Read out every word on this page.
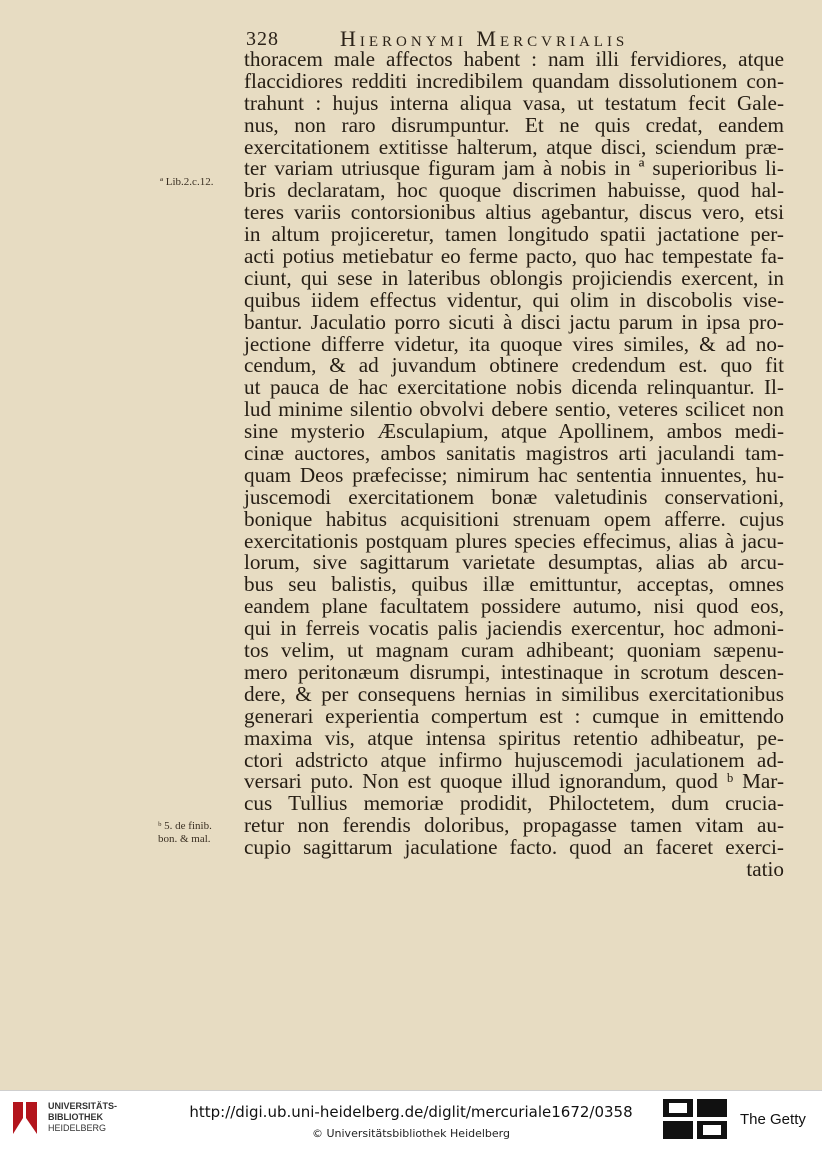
328	Hieronymi Mercvrialis
ª Lib.2.c.12.
ᵇ 5. de finib.
bon. & mal.
thoracem male affectos habent : nam illi fervidiores, atque
flaccidiores redditi incredibilem quandam dissolutionem con-
trahunt : hujus interna aliqua vasa, ut testatum fecit Gale-
nus, non raro disrumpuntur. Et ne quis credat, eandem
exercitationem extitisse halterum, atque disci, sciendum præ-
ter variam utriusque figuram jam à nobis in ª superioribus li-
bris declaratam, hoc quoque discrimen habuisse, quod hal-
teres variis contorsionibus altius agebantur, discus vero, etsi
in altum projiceretur, tamen longitudo spatii jactatione per-
acti potius metiebatur eo ferme pacto, quo hac tempestate fa-
ciunt, qui sese in lateribus oblongis projiciendis exercent, in
quibus iidem effectus videntur, qui olim in discobolis vise-
bantur. Jaculatio porro sicuti à disci jactu parum in ipsa pro-
jectione differre videtur, ita quoque vires similes, & ad no-
cendum, & ad juvandum obtinere credendum est. quo fit
ut pauca de hac exercitatione nobis dicenda relinquantur. Il-
lud minime silentio obvolvi debere sentio, veteres scilicet non
sine mysterio Æsculapium, atque Apollinem, ambos medi-
cinæ auctores, ambos sanitatis magistros arti jaculandi tam-
quam Deos præfecisse; nimirum hac sententia innuentes, hu-
juscemodi exercitationem bonæ valetudinis conservationi,
bonique habitus acquisitioni strenuam opem afferre. cujus
exercitationis postquam plures species effecimus, alias à jacu-
lorum, sive sagittarum varietate desumptas, alias ab arcu-
bus seu balistis, quibus illæ emittuntur, acceptas, omnes
eandem plane facultatem possidere autumo, nisi quod eos,
qui in ferreis vocatis palis jaciendis exercentur, hoc admoni-
tos velim, ut magnam curam adhibeant; quoniam sæpenu-
mero peritonæum disrumpi, intestinaque in scrotum descen-
dere, & per consequens hernias in similibus exercitationibus
generari experientia compertum est : cumque in emittendo
maxima vis, atque intensa spiritus retentio adhibeatur, pe-
ctori adstricto atque infirmo hujuscemodi jaculationem ad-
versari puto. Non est quoque illud ignorandum, quod ᵇ Mar-
cus Tullius memoriæ prodidit, Philoctetem, dum crucia-
retur non ferendis doloribus, propagasse tamen vitam au-
cupio sagittarum jaculatione facto. quod an faceret exerci-
tatio
UNIVERSITÄTS-
BIBLIOTHEK
HEIDELBERG
http://digi.ub.uni-heidelberg.de/diglit/mercuriale1672/0358
© Universitätsbibliothek Heidelberg
The Getty
